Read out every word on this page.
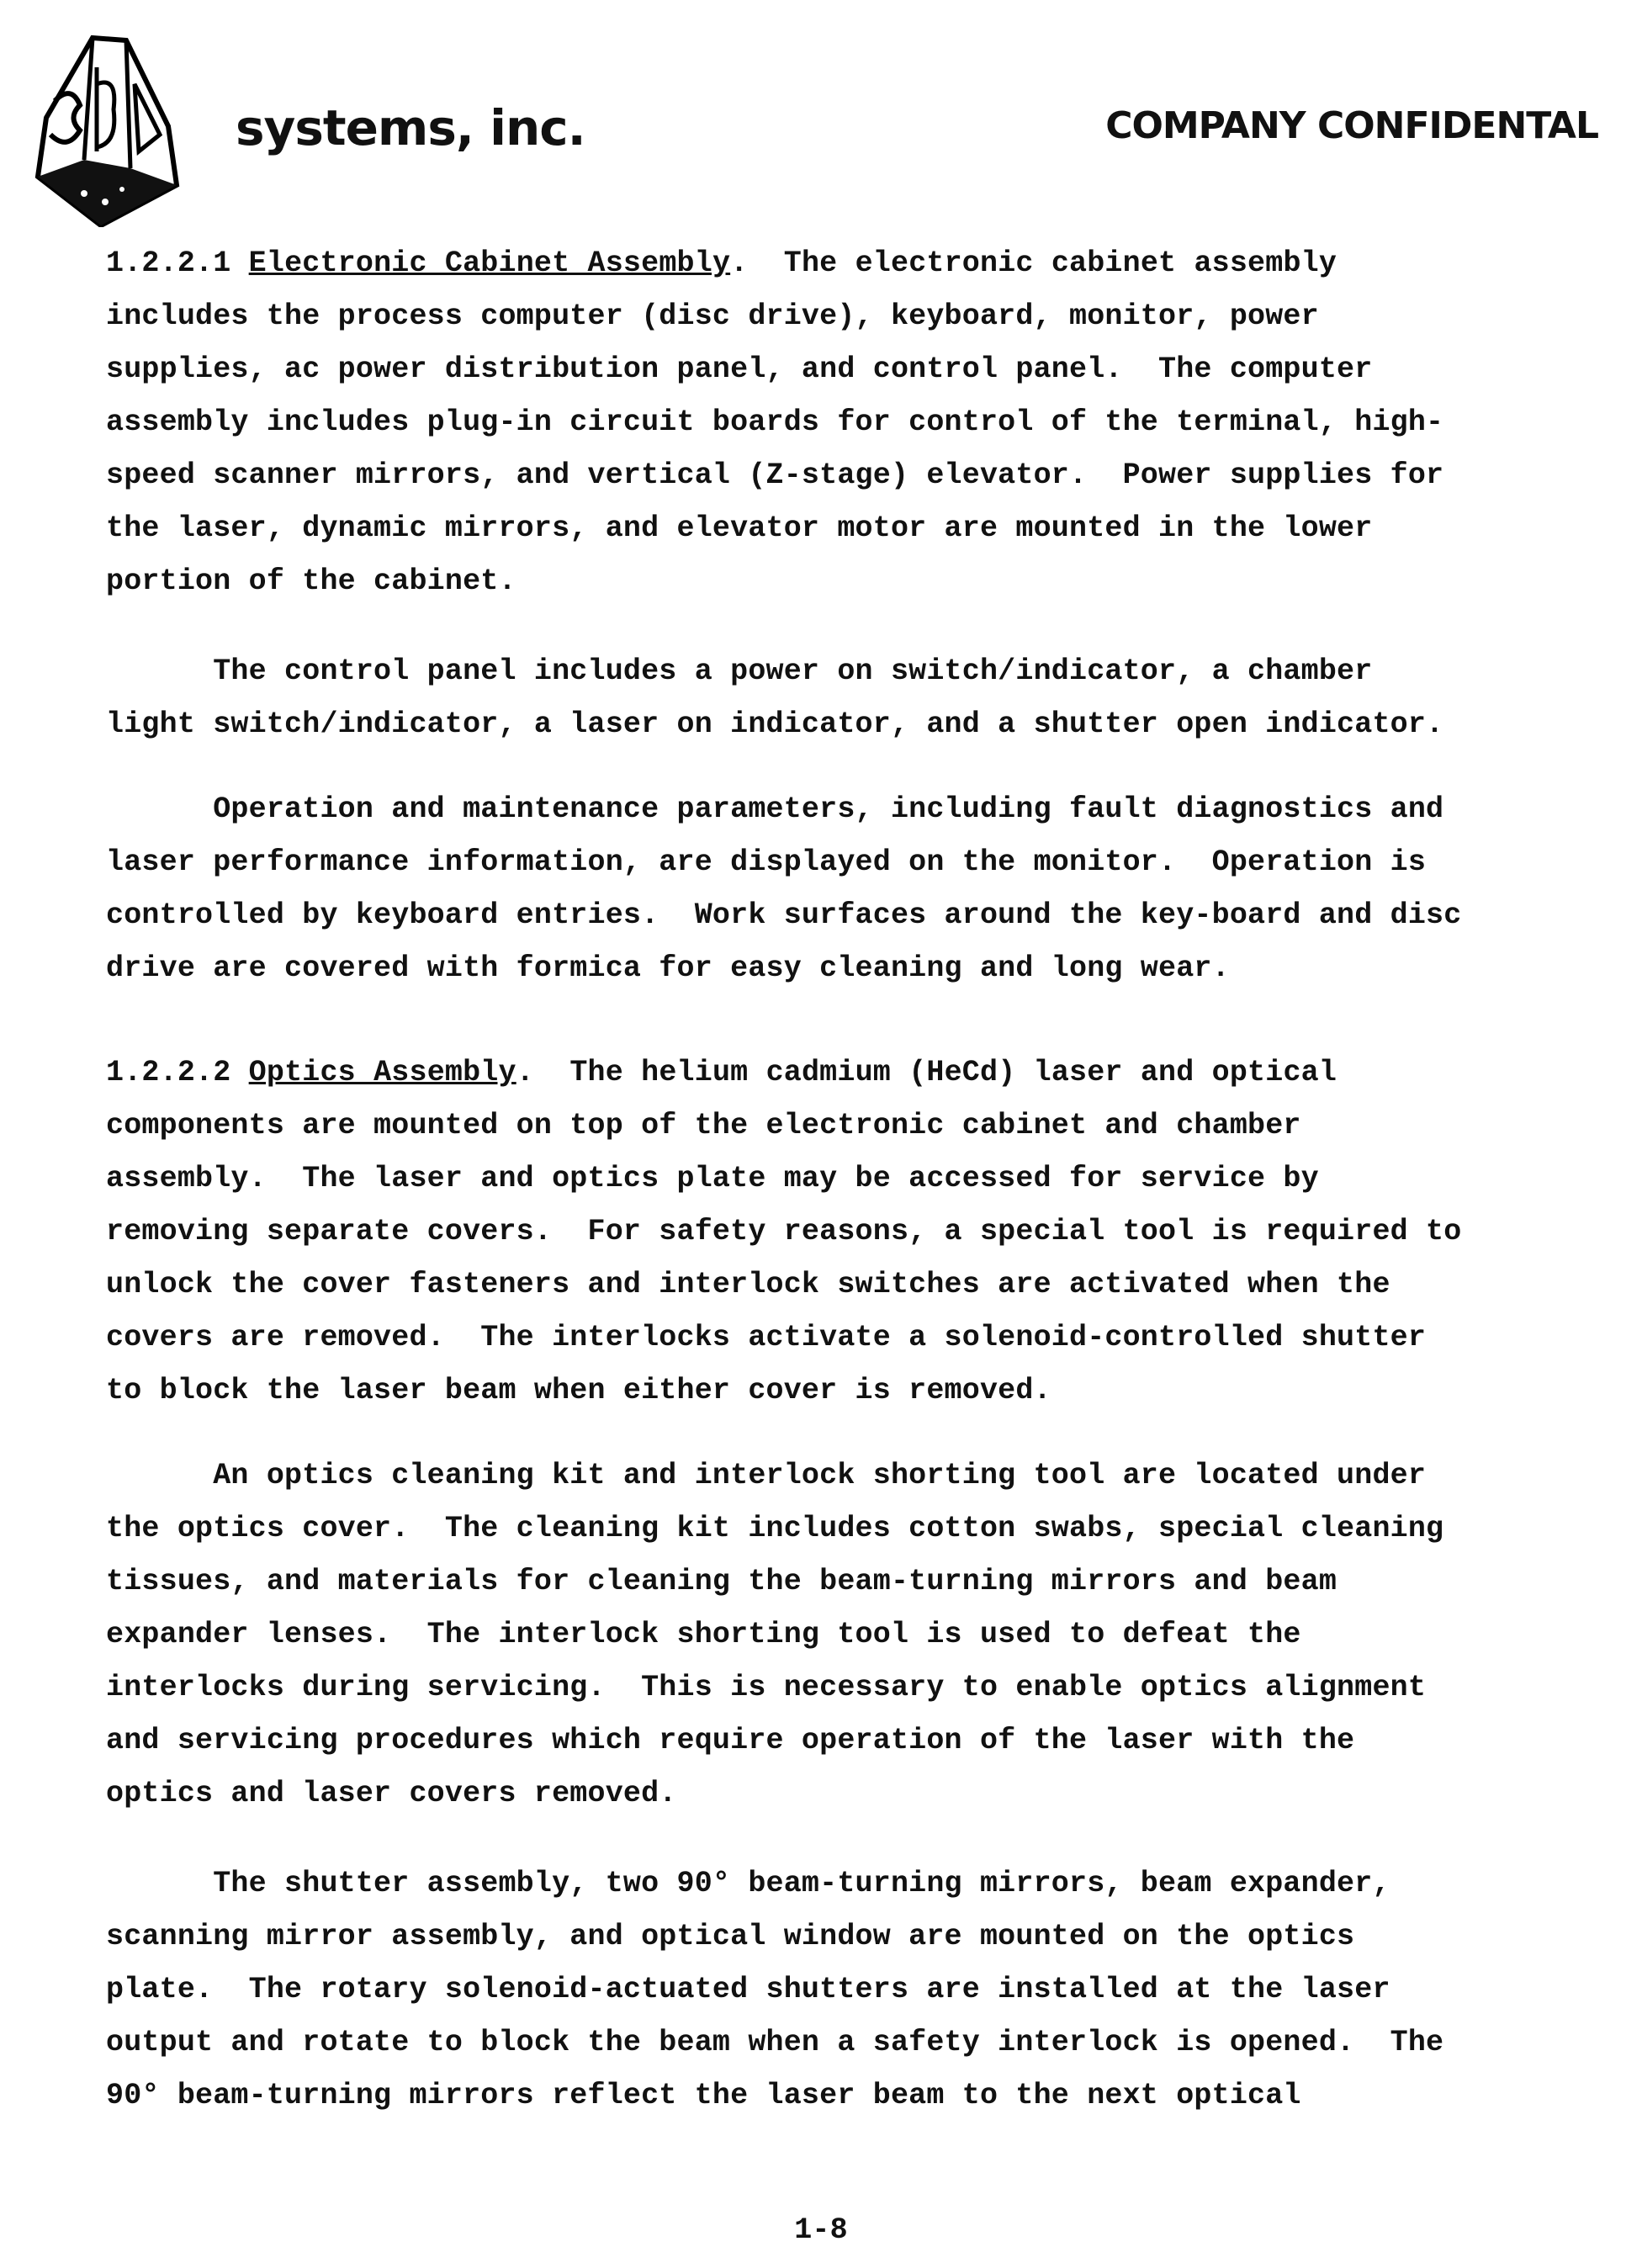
systems, inc.	COMPANY CONFIDENTAL
1.2.2.1 Electronic Cabinet Assembly.  The electronic cabinet assembly
includes the process computer (disc drive), keyboard, monitor, power
supplies, ac power distribution panel, and control panel.  The computer
assembly includes plug-in circuit boards for control of the terminal, high-
speed scanner mirrors, and vertical (Z-stage) elevator.  Power supplies for
the laser, dynamic mirrors, and elevator motor are mounted in the lower
portion of the cabinet.
The control panel includes a power on switch/indicator, a chamber
light switch/indicator, a laser on indicator, and a shutter open indicator.
Operation and maintenance parameters, including fault diagnostics and
laser performance information, are displayed on the monitor.  Operation is
controlled by keyboard entries.  Work surfaces around the key-board and disc
drive are covered with formica for easy cleaning and long wear.
1.2.2.2 Optics Assembly.  The helium cadmium (HeCd) laser and optical
components are mounted on top of the electronic cabinet and chamber
assembly.  The laser and optics plate may be accessed for service by
removing separate covers.  For safety reasons, a special tool is required to
unlock the cover fasteners and interlock switches are activated when the
covers are removed.  The interlocks activate a solenoid-controlled shutter
to block the laser beam when either cover is removed.
An optics cleaning kit and interlock shorting tool are located under
the optics cover.  The cleaning kit includes cotton swabs, special cleaning
tissues, and materials for cleaning the beam-turning mirrors and beam
expander lenses.  The interlock shorting tool is used to defeat the
interlocks during servicing.  This is necessary to enable optics alignment
and servicing procedures which require operation of the laser with the
optics and laser covers removed.
The shutter assembly, two 90° beam-turning mirrors, beam expander,
scanning mirror assembly, and optical window are mounted on the optics
plate.  The rotary solenoid-actuated shutters are installed at the laser
output and rotate to block the beam when a safety interlock is opened.  The
90° beam-turning mirrors reflect the laser beam to the next optical
1-8
